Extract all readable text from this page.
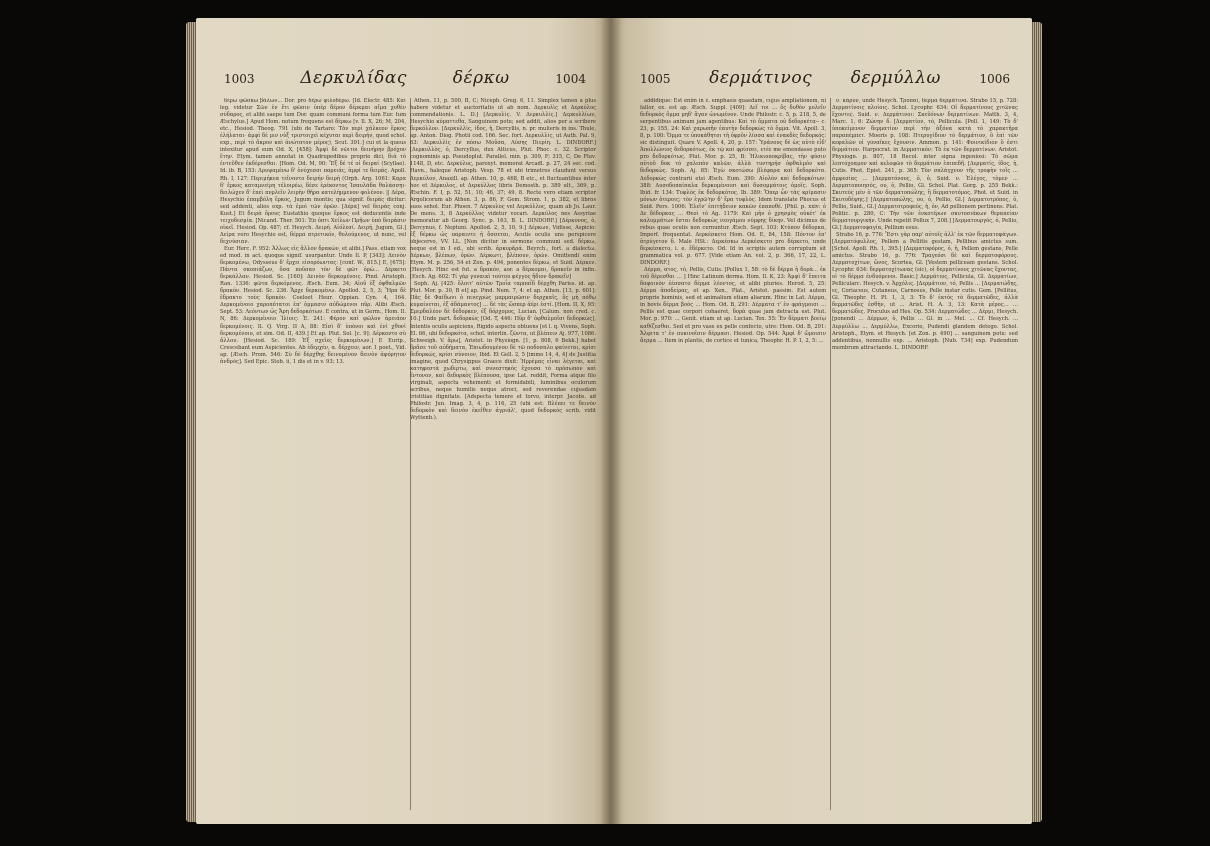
1003	Δερκυλίδας	δέρκω	1004

δέρω φῶσκω βάλων... Dor. pro δέρω φιλοδέρω. [Id. Electr. 485: Καὶ leg. videtur Σῶν ἐν ἔτι φῶσιν ὑπὲρ δέρον δέρκμαι αἴμα χυθὲν σύδαρος, et alibi saepe tum Dor. quam communi forma tum Eur. tum Æschylus.] Apud Hom. notum frequens est δέρκω [v. Il. X, 26; M, 204, etc., Hesiod. Theog. 791 (ubi de Tartaro: Τὸν περὶ χάλκεον ἕρκος ἐλήλαται· ἀμφὶ δέ μιν νὺξ τριστοιχεὶ κέχυται περὶ δειρήν, quod schol. exp., περὶ τὸ ἄκρον καὶ ἀνώτατον μέρος), Scut. 391.] cui et la queus intexitur apud eum Od. X, [458]: Ἀμφὶ δὲ νῶιτοι δεινήρην βρόχον ἔτην. Etym. tamen annotat in Quadrupedibus proprie dici, διὰ τὸ ἐντεῦθεν ἐκδέρεσθαι. [Hom. Od. M, 90: Ἕξ δέ τέ οἱ δειραί (Scyllae). Id. ib. B, 153: Δρυψαμένω δ' ὀνύχεσσι παρειάς, ἀμφί τε δειράς. Apoll. Rh. I, 127: Περιμήκεα τεῖνοντο δειρήν δειρή (Orph. Arg. 1061: Καρα δ' ἔρκος καταμνείρη τέλοιρέω, δέσε ἐρέκοντος Ἰσαυλάδα θαλάσσηι· δειλώχεν δ' ἐπεὶ πνρλεῖν λειρὴν θῆρα κατελήμμενον φολένον. || Δέρα, Hesychio ἐπαμβόλη ἔρκος, Jugum montis; qua signif. δειρὰς dicitur: sed addenti, alios exp. τὰ ἐμοὶ τῶν ὁρῶν. [Δέρα] vel δειράς conj. Kust.] Et δειρὰ ὄρους Eustathio quoque ἔρκος est deducentis inde τειχοδεσμία. [Nicand. Ther. 501: Ἐπ ὀπτι Χείλων Πρῆων ὑπὸ δειράσιν οἰκεῖ. Hesiod. Op. 487; cf. Hesych. Δειρή. Αἰόλεσί. Δειρή, Jugum, Gl.] Δείρα vero Hesychio est, δέρμα ατρετικόν, θολούμενος, ut nunc, vel δεχνύσιαν.

Eur. Herc. F. 952: Ἀλλως εἰς ἄλλον δρακὼν, et alibi.] Pass. etiam vox ed mod. in act. quoque signif. usurpantur. Unde Il. P, [343]: Δεινὸν δερκομένω, Odysseus δ' ἔρχει εἰσορόωντας: [conf. W., 815.] E, [675]: Πάντα σκοπιάζων, ὅσα ποῦσαν τὸν δὲ φῶτ ὁρώ... Δέρκετο δερκάλλαν. Hesiod. Sc. [160]: Δεινὸν δερκομένοις. Pind. Aristoph. Ran. 1336: φῶτα δερκόμενος. Æsch. Eum. 34; Αἱοῦ ἐξ ὀφθαλμῶν δρακόν. Hesiod. Sc. 236. Ἄρχε δερκομένω. Apollod. 2, 5, 3; Ἤρπ δὲ ἔδρακτο τοὺς δρακὸν. Coeloet Heur. Oppian. Cyn. 4, 164. Δερκομένοιο χαροπότατοι ἐπ' ὀμμασιν αὐδώμενοι πῦρ. Alibi Æsch. Sept. 53: Λεόντων ὡς Ἄρη δεδορκότων. E contra, ut in Germ., Hom. Il. N, 86: Δερκομένοιο Ἰλίοις: Ἐ. 241: Φέρον καὶ φῶλον ἀρειάον δερκομένοις. Il. Q. Virg. II A, 88: Εἰσὶ δ' ὑπὸνοι καὶ ἐνὶ χθονὶ δερκομένοιο, et sim. Od. II, 439.] Et ap. Plut. Sol. [c. 9]: Δέρκοντο σὺ ἄλλου. [Hesiod. Sc. 189: Ἐξ σχεῖες δερκομένων.] E Eurip., Crescebant eum Aspicientes. Ab ἐδερχέν, α. δέρχεεν, aor. 1 poet., Vid. ap. [Æsch. Prom. 546: Σὺ δὲ δέρχθης δεινομένον δεινὸν ἀφόρητον ἀνδρὸς]. Sed Epic. Stob. ii, 1 dis et in v. 93; 13.

Athen. 11, p. 500, B, C; Niceph. Greg. 6, 11. Simplex tamen à plus habere videtur et auctoritatis ut ab nom. Δερκυλὶς et Δερκύλος commendationis. L. D.] [Δερκυλὶς. V. Δερκυλλὶς.] Δερκυλλίων, Hesychio κύματτεθα, Sanguinem potu; sed addit, alios per a scribere δερκόλλον. [Δερκυλλὶς, ίδος, ἡ, Dercyllis, n. pr. mulieris in ins. Thule, ap. Anton. Diog. Photii cod. 166. Sec. fort. Δερκυλλὶς, ut Auth. Pal. 9, 63: Δερκυλλὶς ἐν πόσω Μοῦσα, Λύσης Πιερίη. L. DINDORF.] [Δερκυλλὸς, ὁ, Dercyllus, dux Atticus, Plut. Phoc. c. 32. Scriptor cognominis ap. Pseudoplut. Parallel. min. p. 309, F; 315, C, De Fluv. 1148, D, etc. Δερκύλος, paroxyt. memorat Arcadl. p. 27, 24 sec. cod. Havn., haleque Aristoph. Vesp. 78 et ubi trimetros claudunt versus Δερκύλον, Anaxill. ap. Athen. 10, p. 468, B etc., et fluctuantibus inter hoc et Δέρκυλος, et Δερκύλλος libris Demosth. p. 389 ult., 369, p. Æschin. F. I, p. 52, 51, 10; 46, 37; 49, 8. Recte vero etiam scriptor Argolicorum ab Athen. 3, p. 86, F. Gem. Strom. 1, p. 382, et libros suos sehol. Eur. Phoen. 7 Δέρκυλος vel Δερκύλλος, quam ab Jo. Laur. De mens. 3, 8 Δερκύλλος videtur vocari. Δερκύλος nes Assyriae memoratur ab Georg. Sync. p. 163, B. L. DINDORF.] [Δέρκυνος, ὁ, Dercynus, f. Neptuni. Apollod. 2, 5, 10, 9.] Δέρκων, Vidisse, Aspicio: ἐξ δέρκω ὡς παραιντε ἡ ὅσσεται, Acutis oculis uns perspicere objecervo, VV. LL. [Non dicitur in sermone communi sed. δέρκω, neque est in I ed., ubi scrib. ἀρκυρᾶρά. Beyrch., fort. a dialectω, Δέρκων, βλέπων, ὁρῶν. Δέρκωτι, βλέπουν, ὁρῶν. Omittendi enim Etym. M. p. 256, 54 et Zon. p. 494, ponentes δέρκω, et Suid. Δέρκεν. [Hesych. Hinc est fut. a δρακόν, aor. a δέρκομαι, δρακεῖν in infin. [Esch. Ag. 602: Τί γὰρ γυναικὶ τούτου φέγγος ἥδιον δρακεῖν]

Soph. Aj. [425: ὄλοιτ' αὐτῶν Τροΐα ταρπαΐδ δέρχθη Pariss. id. ap. Plut. Mor. p. 30, B et] ap. Pind. Nem. 7, 4: et ap. Athen. [13, p. 601]: Πᾶς δὲ Φαίδωνι ὁ πινεγρὼς μαρμαιρῶσιν δερχκαῖς, ὃς μὴ πόθῳ κυμαίνεται, ἐξ ἀδάμαντος] ... δὲ τὰς ὥσπερ ἀέρι ἐστί. [Hom. II, X, 95: Σμερδαλέον δὲ δέδορκεν, ἐξ δόρχομος, Lucian. [Calum. non cred. c. 10.] Unde part. δεδορκὼς [Od. T, 446: Πῦρ δ' ὀφθαλμοῖσι δεδορκὼς], Intentis oculis aspiciens, Rigido aspectu obtuens [et l. q. Vivens, Soph. El. 66, ubi δεδορκότα, schol. interlin. ζῶντα, ut βλέπειν Aj. 977, 1086. Schweigh. V. ἄρω], Aristot. in Physiogn. [1, p. 808, 6 Bekk.] habet δρᾶσε τοῦ αὐδήματα, Ἐπιωδουμένου δὲ τῶ ποδοσπλο φαίνεται, κρίσι δεδορκώς, κρίσι σύνοιον, Ibid. Et Gell. 2, 5 [immo 14, 4, 4] de Justitia imagine, quod Chrysippus Graece dixit: Ἠρρέμας εἶναι λέγεται, καὶ κατηφεστὰ χωδιρτω, καὶ συνεστηκὸς ἔχουσα τὸ πρόσωπον καὶ ἔντονον, καὶ δεδορκὸς βλέπουσα, ipse Lat. reddit, Forma atque filo virginali, aspectu vehementi et formidabili, luminibus oculorum acribus, neque humilis neque atroci, sed reverendae cujusdam tristitiae dignitate. [Adspecta temere et torvo, interpr. Jacobs. ad Philostr. Jun. Imag. 3, 4, p. 116, 25 (ubi est: Βλέπει τε δεινὸν δεδορκὸν καὶ δεινὸν ἐκεῖθεν ἀγριάλ', quod δεδορκὸς scrib. vidit Wyttenb.).

1005 δερμάτινος δερμύλλω	1006

addidique: Est enim in ἐ. emphasis quaedam, cujus ampliationem, ni fallor, ex. est ap. Æsch. Suppl. [409]: Δεῖ τοι ... ὅς δυθὸν μολεῖν δεδορκὸς ὄμμα μηδ' ἄγαν ὠνωμένον. Unde Philostr. c. 5, p. 218, 5, de serpentibus animum jam agentibus: Καὶ τὸ ὄμματα οὐ δεδορκέτα-- c. 23, p. 155, 24: Καὶ χαρωπῆν ἑαυτὴν δεδορκὼς τὸ ὄμμα. Vit. Apoll. 3, 8, p. 100: Ὄμμα τε ὑποκάθητοι τὴ ὀφρῦν λίσσα καὶ ἐνακδὲς δεδορκός: sic distinguit. Quare V. Apoll. 4, 20, p. 157: Ὑράνους δὲ ὡς αὐτὸ εἶδ' Ἀπολλώνιος δεδορκότως, ἐκ τῷ καὶ φρίσσει, ετέε me emendasse puto pro δεδορκότως. Plut. Mor. p. 25, B: Ἠλικιοποκρίβας, τὴν φύσιν αὐτοῦ δοκ τὸ χαλεπὸν καλῶν, ἀλλὰ τυντηρήσ ὀφθαλμὸν καὶ δεδορκὼς. Soph. Aj. 85: Ἐγὼ σκοτώσω βλέφαρα καὶ δεδορκότα. Δεδορκὼς contrarii etsi Æsch. Eum. 390: Αἰολὸν καὶ δεδορκότων: 388: Δυσοδοπαίπαλα δερκομένοισι καὶ δυσομμάτοις ὁμοῖς. Soph. Ibid. fr. 134: Τυφλὸς ἐκ δεδορκότος. Ib. 389: Ὅπερ ὧν τὰς κρίμασιν μόνων ὁτεροις; τὸν ἐγρῶ'ην δ' ἔρα τυφλὸς. Idem translate Phocus et Suid. Pers. 1006: Ἐλεῖν' ἐπιτήδειον κακῶν ἐπαποθέ. [Phil. p. xxiv: ὁ Δε δέδορκας ... Θεοὶ τὸ Ag. 1179: Καὶ μὴν ὁ χρησμὸς οὐκέτ' ἐκ καλυμμάτων ἔσται δεδορκὼς νεογάμου νύμφης δίκην. Vel dicimus de rebus quae oculis non cernuntur. Æsch. Sept. 103: Κτύπον δέδορκα, Imperf. frequentat. Δερκέσκετο Hom. Od. E, 84, 158: Πόντον ἐπ' ἀτρύγετον δ. Male HSt.: Δερκέσκω Δερκέσκετο pro δέρκετο, unde δερκέσκετο, i. e. ἔδέρκετο. Od. Id in scriptis autem corruptum sit grammatica vol. p. 677. [Vide etiam An. vol. 2, p. 366, 17, 22, L. DINDORF.]

Δέρμα, ατος, τὸ, Pellis, Cutis. [Pollux 1, 58: τὸ δὲ δέρμα ἡ δορὰ... ἐκ τοῦ δέρεσθαι ... ] Hinc Latinum derma. Hom. Il. K, 23: Ἀμφὶ δ' ἔπειτα δαφοινὸν ἐέσσατο δέρμα λέοντος, et alibi pluries. Herod. 5, 25: Δέρμα ἀποδείρας, et ap. Xen., Plat., Aristot. passim. Est autem proprie hominis, sed et animalium etiam aliarum. Hinc in Lat. Δέρμα, in bovis δέρμα βοὸς ... Hom. Od. B, 291: Δέρματα τ' ἐν φράγμοισι ... Pellis est quae corpori cohaeret, δορὰ quae jam detracta est. Plut. Mor. p. 970: ... Genit. etiam ut ap. Lucian. Tox. 55: Ἐν δέρματι βοείῳ καθίζεσθαι. Sed et pro vase ex pelle confecto, utre: Hom. Od. B, 291: Ἄλφιτα τ' ἐν πυκινοῖσιν δέρμασι. Hesiod. Op. 544: Ἀμφὶ δ' ὤμοισιν ἄερμα ... Item in plantis, de cortice et tunica, Theophr. H. P. 1, 2, 5: ...

ν. κάρυν, unde Hesych. Τροπαί, δέρμα δερμάτινα. Strabo 15, p. 728: Δερματίνοις πλοίοις. Schol. Lycophr. 634: Οἱ δερματίνους χιτῶνας ἔχοντες. Suid. ν. Δερμάτινοι: Σκεῦόνων δερματίνων. Matth. 3, 4, Marc. 1, 6: Ζώνην δ. [Δερματίον, τό, Pellicula. [Poll. 1, 149: Τὸ δ' ὑποκείμενον δερματίον περὶ τὴν ἀξόνα κατὰ τὸ χαρακτῆρα παραπέμπετ. Moeris p. 108: Πτερυγίδιον τὸ δερμάτιον, ὃ ἐπὶ τῶν κεφαλῶν οἱ γυναῖκες ἔχουσιν. Ammon. p. 141: Φοινικίδιον ὅ ἐστι δερμάτιον. Harpocrat. in Δερματικόν: Τὸ ἐκ τῶν δερματίνων. Aristot. Physiogn. p. 807, 18 Becol. inter signa ingeniosi: Τὸ σῶμα λεπτόχοαμον καὶ κελοφῶν τὸ δερμάτιον ἐπιπεδῆ. [Δερματίς, ίδος, ἡ, Cutis. Phot. Epist. 241, p. 365: Τὸν σπλάγχνον τῆς τροφὴν τοῖς ... ἀμφεσίας ... [Δερματόνους, ὁ, ὁ, Suid. ν. Ἐλέγος, τὸμεν ... Δερματοποιησός, ου, ὁ, Pellio, Gl. Schol. Plat. Gorg. p. 255 Bekk.: Σκυτεύς μὲν ὁ τῶν δερματοπώλης, ἢ δερματοτόμος. Phot. et Suid. in Σκυτοδέψης.] [Δερματοπώλης, ου, ὁ, Pellio, Gl.] Δερματοτρόπος, ὁ, Pellio, Suid., Gl.] Δερματοτροφεύς, ἡ, ὁν, Ad pellionem pertinens. Plat. Politic. p. 280, C: Τὴν τῶν ἐνκοτέρων σκυτοσιάκων θεραπείαν δερματουργικήν. Unde repetit Pollux 7, 208.] [Δερματουργός, ὁ, Pellio, Gl.] Δερματοφαγία, Pellium esus.

Strabo 16, p. 776: Ἔστι γὰρ παρ' αὐτοῖς ἀλλ' ἐκ τῶν δερματοφάγων. [Δερματόφυλλος, Pellem a Pellitis gestam, Pellibus amictus sum. [Schol. Apoll. Rh. 1, 395.] [Δερματοφόρος, ὁ, ἡ, Pellem gestans, Pelle amictus. Strabo 16, p. 776: Τραγεόσι δὲ καὶ δερματοφόρους. Δερματοχίτων, ὤνος, Scortea, Gl. [Vestem pelliceam gestans. Schol. Lycophr. 634: δερματοχίτωνας (sic), οἱ δερματίνους χιτῶνας ἔχοντας, οἱ τὸ δέρμα ἐνδυόμενοι. Basic.] Δερμάτιος, Pellicula, Gl. Δερματίων, Pellicularc. Hesych. v. Ἀρχόλις. [Δερμάτιον, τό, Pellis ... [Δερματώδης, ες, Coriaceus, Cutaneus, Carnosus, Pelle instar cutis. Gem. [Pellitus, Gl. Theophr. H. Pl. 1, 3, 3: Τὸ δ' ἐκτὸς τὸ δερματῶδες, ἀλλὰ δερματῶδες ἐσθὴν, ut ... Arist. H. A. 3, 13: Κατὰ μέρος... ... δερματῶδες. Proculus ad Hes. Op. 534: Δερματώδες ... Δέρμι, Hesych. [ponendi ... Δέρμων, ὁ, Pellis ... Gl. in ... Mel. ... Cf. Hesych. ... Δερμύλλω ... Δερμύλλω, Excorio, Pudendi glandem detego. Schol. Aristoph., Etym. et Hesych. [et Zon. p. 490] ... sanguinem potu: sed addentibus, nonnullis exp. ... Aristoph. [Nub. 734] exp. Pudendum membrum attractando. L. DINDORF.
